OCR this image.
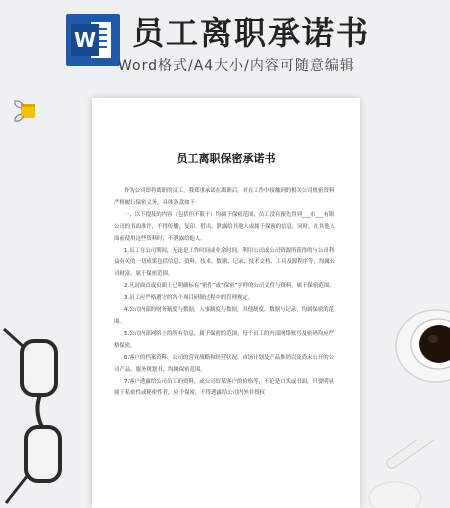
W 员工离职承诺书
Word格式/A4大小/内容可随意编辑
员工离职保密承诺书

作为公司即将离职的员工，我郑重承诺在离职后，对在工作中接触到的相关公司机密资料严格履行保密义务，具体条款如下：

一、以下提及的内容（包括但不限于）均属于保密范围，员工没有预先得到___市___有限公司的书面准许，不得传播、复印、借出、泄露给其他人或属于保密的信息。同时，在其他人面前使用这些资料时，不泄露给他人。

1.员工在公司期间，无论是工作时间或业余时间，利用公司或公司资源所获得的与公司利益有关的一切成果包括信息、资料、技术、数据、记录、技术文档、工具及源程序等，均属公司财富，属于保密范围。

2.凡封面首或页面上已明确标有“密件”或“保密”字样的公司文件与资料，属于保密范围。

3.员工应严格遵守的各个项目研制过程中的管理规定。

4.公司内部的财务制度与数据，人事制度与数据，其他制度、数据与记录，均属保密的范围。

5.公司内部网络上的所有信息，属于保密的范围；每个员工的内部网络账号及密码均应严格保密。

6.客户的档案资料、公司的营业战略和经营状况、市场计划及产品推销以及尚未公开的公司产品、服务规划书，均属保密范围。

7.客户透露给公司员工的资料，或公司给某客户的价格等，不论是口头或书面，只要明显属于私密性或秘密性者，应予保密，不得透露给公司内外非授权
